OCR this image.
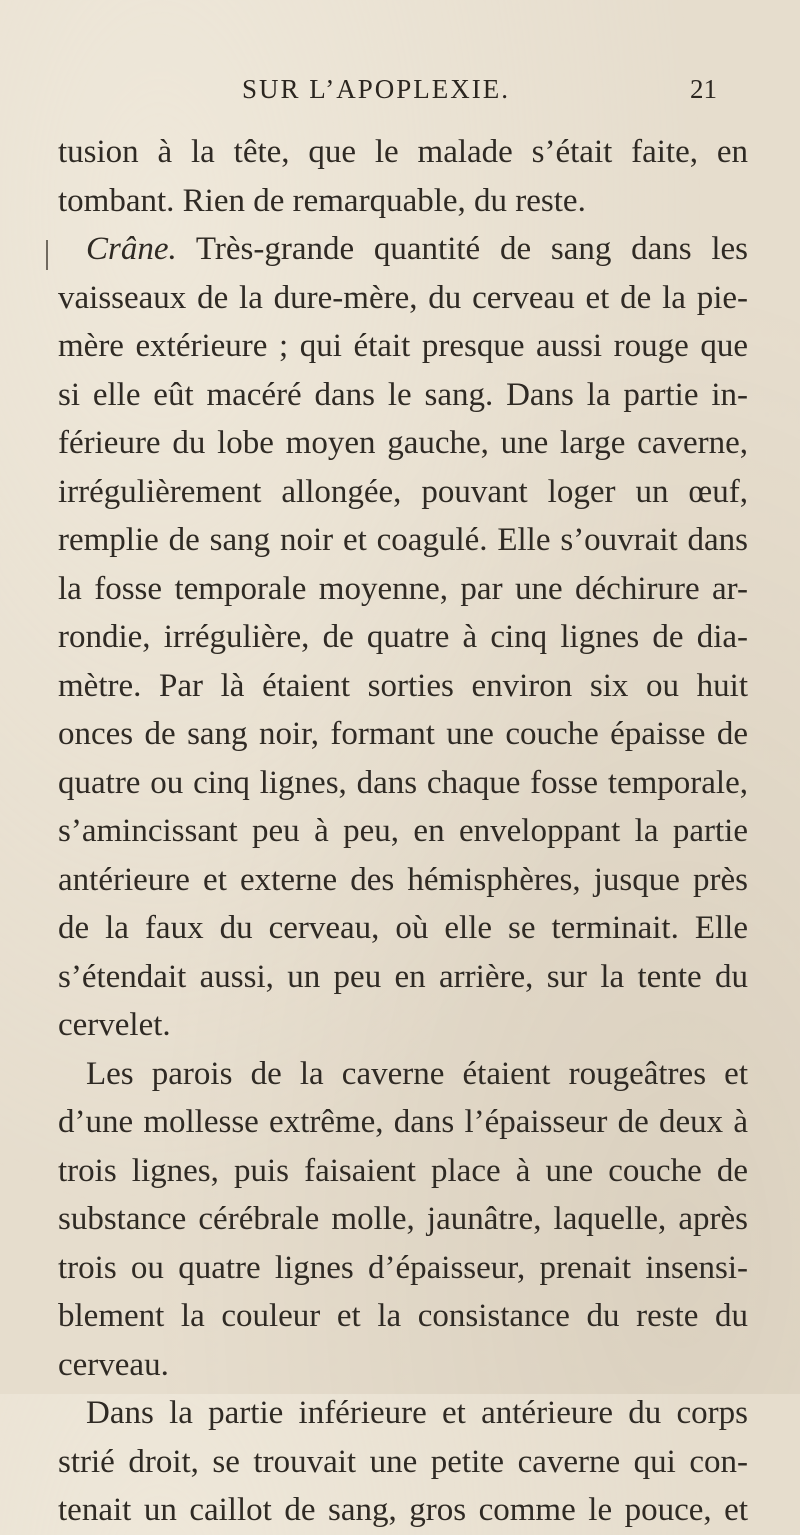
SUR L’APOPLEXIE.	21
tusion à la tête, que le malade s’était faite, en
tombant. Rien de remarquable, du reste.
Crâne. Très-grande quantité de sang dans les
vaisseaux de la dure-mère, du cerveau et de la pie-
mère extérieure ; qui était presque aussi rouge que
si elle eût macéré dans le sang. Dans la partie in-
férieure du lobe moyen gauche, une large caverne,
irrégulièrement allongée, pouvant loger un œuf,
remplie de sang noir et coagulé. Elle s’ouvrait dans
la fosse temporale moyenne, par une déchirure ar-
rondie, irrégulière, de quatre à cinq lignes de dia-
mètre. Par là étaient sorties environ six ou huit
onces de sang noir, formant une couche épaisse de
quatre ou cinq lignes, dans chaque fosse temporale,
s’amincissant peu à peu, en enveloppant la partie
antérieure et externe des hémisphères, jusque près
de la faux du cerveau, où elle se terminait. Elle
s’étendait aussi, un peu en arrière, sur la tente du
cervelet.
Les parois de la caverne étaient rougeâtres et
d’une mollesse extrême, dans l’épaisseur de deux à
trois lignes, puis faisaient place à une couche de
substance cérébrale molle, jaunâtre, laquelle, après
trois ou quatre lignes d’épaisseur, prenait insensi-
blement la couleur et la consistance du reste du
cerveau.
Dans la partie inférieure et antérieure du corps
strié droit, se trouvait une petite caverne qui con-
tenait un caillot de sang, gros comme le pouce, et
